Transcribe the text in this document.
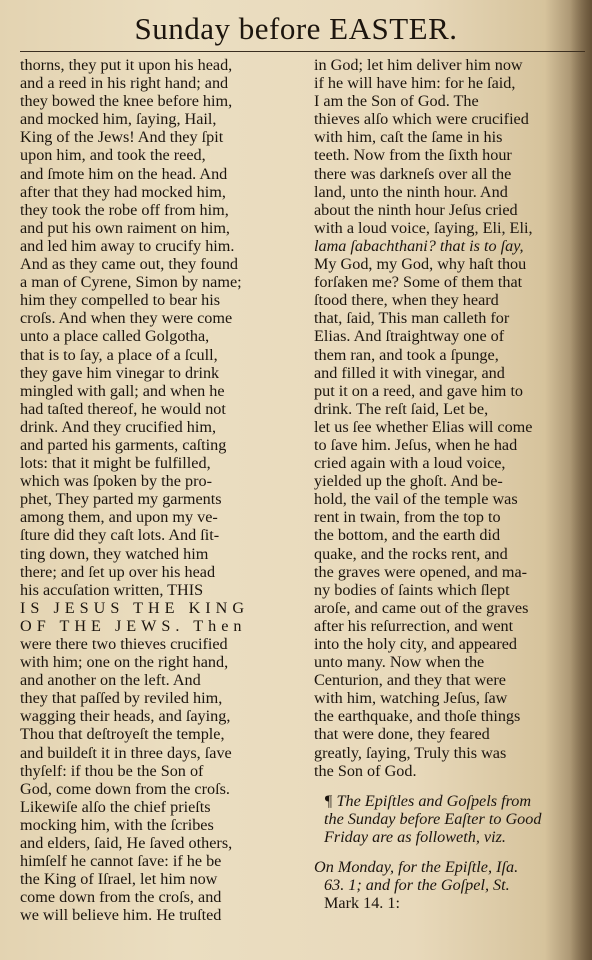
Sunday before EASTER.
thorns, they put it upon his head,
and a reed in his right hand; and
they bowed the knee before him,
and mocked him, ſaying, Hail,
King of the Jews! And they ſpit
upon him, and took the reed,
and ſmote him on the head. And
after that they had mocked him,
they took the robe off from him,
and put his own raiment on him,
and led him away to crucify him.
And as they came out, they found
a man of Cyrene, Simon by name;
him they compelled to bear his
croſs. And when they were come
unto a place called Golgotha,
that is to ſay, a place of a ſcull,
they gave him vinegar to drink
mingled with gall; and when he
had taſted thereof, he would not
drink. And they crucified him,
and parted his garments, caſting
lots: that it might be fulfilled,
which was ſpoken by the pro-
phet, They parted my garments
among them, and upon my ve-
ſture did they caſt lots. And ſit-
ting down, they watched him
there; and ſet up over his head
his accuſation written, THIS
IS JESUS THE KING
OF THE JEWS. Then
were there two thieves crucified
with him; one on the right hand,
and another on the left. And
they that paſſed by reviled him,
wagging their heads, and ſaying,
Thou that deſtroyeſt the temple,
and buildeſt it in three days, ſave
thyſelf: if thou be the Son of
God, come down from the croſs.
Likewiſe alſo the chief prieſts
mocking him, with the ſcribes
and elders, ſaid, He ſaved others,
himſelf he cannot ſave: if he be
the King of Iſrael, let him now
come down from the croſs, and
we will believe him. He truſted
in God; let him deliver him now
if he will have him: for he ſaid,
I am the Son of God. The
thieves alſo which were crucified
with him, caſt the ſame in his
teeth. Now from the ſixth hour
there was darkneſs over all the
land, unto the ninth hour. And
about the ninth hour Jeſus cried
with a loud voice, ſaying, Eli, Eli,
lama ſabachthani? that is to ſay,
My God, my God, why haſt thou
forſaken me? Some of them that
ſtood there, when they heard
that, ſaid, This man calleth for
Elias. And ſtraightway one of
them ran, and took a ſpunge,
and filled it with vinegar, and
put it on a reed, and gave him to
drink. The reſt ſaid, Let be,
let us ſee whether Elias will come
to ſave him. Jeſus, when he had
cried again with a loud voice,
yielded up the ghoſt. And be-
hold, the vail of the temple was
rent in twain, from the top to
the bottom, and the earth did
quake, and the rocks rent, and
the graves were opened, and ma-
ny bodies of ſaints which ſlept
aroſe, and came out of the graves
after his reſurrection, and went
into the holy city, and appeared
unto many. Now when the
Centurion, and they that were
with him, watching Jeſus, ſaw
the earthquake, and thoſe things
that were done, they feared
greatly, ſaying, Truly this was
the Son of God.
¶ The Epiſtles and Goſpels from
the Sunday before Eaſter to Good
Friday are as followeth, viz.
On Monday, for the Epiſtle, Iſa.
63. 1; and for the Goſpel, St.
Mark 14. 1:
